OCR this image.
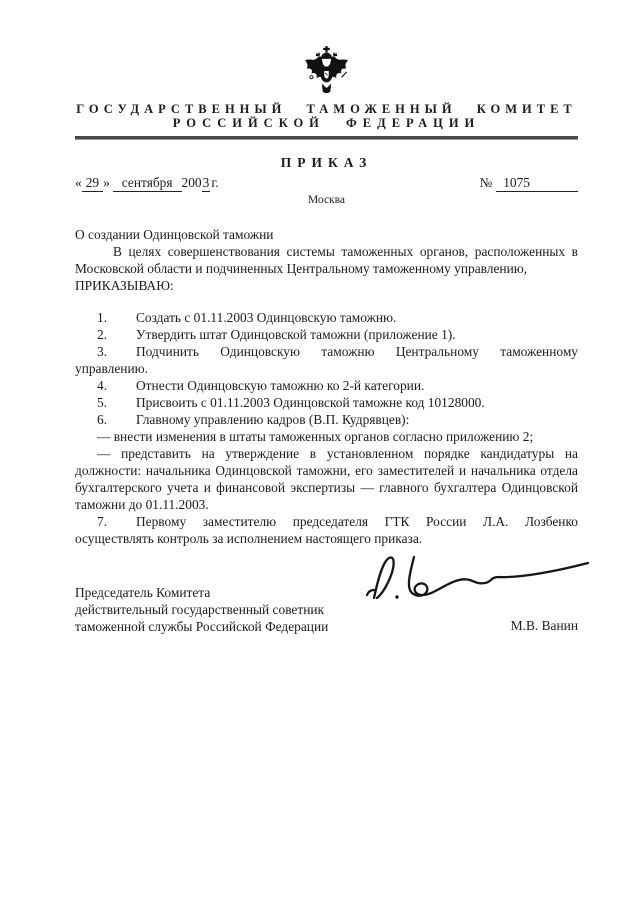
ГОСУДАРСТВЕННЫЙ ТАМОЖЕННЫЙ КОМИТЕТ
РОССИЙСКОЙ ФЕДЕРАЦИИ
ПРИКАЗ
« 29 » сентября 2003 г.	№ 1075
Москва
О создании Одинцовской таможни

В целях совершенствования системы таможенных органов, расположенных в Московской области и подчиненных Центральному таможенному управлению,

ПРИКАЗЫВАЮ:

1. Создать с 01.11.2003 Одинцовскую таможню.

2. Утвердить штат Одинцовской таможни (приложение 1).

3. Подчинить Одинцовскую таможню Центральному таможенному управлению.

4. Отнести Одинцовскую таможню ко 2-й категории.

5. Присвоить с 01.11.2003 Одинцовской таможне код 10128000.

6. Главному управлению кадров (В.П. Кудрявцев):

— внести изменения в штаты таможенных органов согласно приложению 2;

— представить на утверждение в установленном порядке кандидатуры на должности: начальника Одинцовской таможни, его заместителей и начальника отдела бухгалтерского учета и финансовой экспертизы — главного бухгалтера Одинцовской таможни до 01.11.2003.

7. Первому заместителю председателя ГТК России Л.А. Лозбенко осуществлять контроль за исполнением настоящего приказа.

Председатель Комитета
действительный государственный советник
таможенной службы Российской Федерации	М.В. Ванин
